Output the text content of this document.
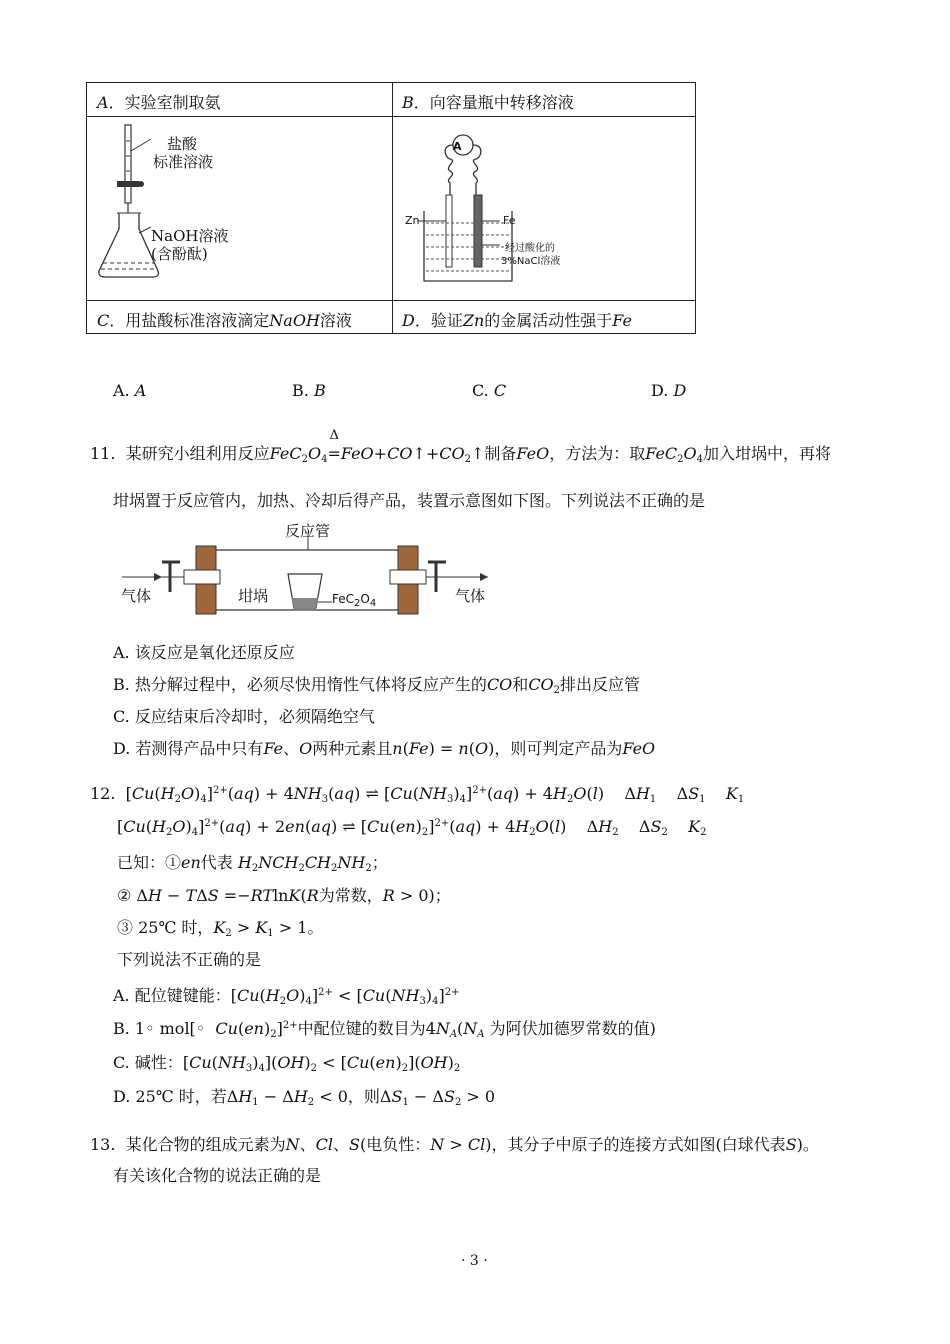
A．实验室制取氨	B．向容量瓶中转移溶液
C．用盐酸标准溶液滴定NaOH溶液	D．验证Zn的金属活动性强于Fe
盐酸
标准溶液
NaOH溶液
(含酚酞)
A
Zn	Fe
经过酸化的
3%NaCl溶液
A. A	B. B	C. C	D. D
11. 某研究小组利用反应$FeC_2O_4$
Δ
$=FeO+CO↑+CO_2↑$制备FeO，方法为：取$FeC_2O_4$加入坩埚中，再将
坩埚置于反应管内，加热、冷却后得产品，装置示意图如下图。下列说法不正确的是
反应管
气体	气体
坩埚	$FeC_2O_4$
A. 该反应是氧化还原反应
B. 热分解过程中，必须尽快用惰性气体将反应产生的CO和$CO_2$排出反应管
C. 反应结束后冷却时，必须隔绝空气
D. 若测得产品中只有Fe、O两种元素且n(Fe) = n(O)，则可判定产品为FeO
12.  $[Cu(H_2O)_4]^{2+}(aq) + 4NH_3(aq)$ ⇌ $[Cu(NH_3)_4]^{2+}(aq) + 4H_2O(l)$    $\Delta H_1$    $\Delta S_1$ $K_1$
$[Cu(H_2O)_4]^{2+}(aq) + 2en(aq)$ ⇌ $[Cu(en)_2]^{2+}(aq) + 4H_2O(l)$    $\Delta H_2$    $\Delta S_2$ $K_2$
已知：①en代表 $H_2NCH_2CH_2NH_2$；
② ΔH − TΔS =−RTlnK(R为常数，R > 0)；
③ 25℃ 时，$K_2 > K_1 > 1$。
下列说法不正确的是
A. 配位键键能：$[Cu(H_2O)_4]^{2+} < [Cu(NH_3)_4]^{2+}$
B. 1◦ mol[◦ $Cu(en)_2]^{2+}$中配位键的数目为$4N_A(N_A$ 为阿伏加德罗常数的值)
C. 碱性：$[Cu(NH_3)_4](OH)_2 < [Cu(en)_2](OH)_2$
D. 25℃ 时，若$\Delta H_1 - \Delta H_2 < 0$，则$\Delta S_1 - \Delta S_2 > 0$
13. 某化合物的组成元素为N、Cl、S(电负性：N > Cl)，其分子中原子的连接方式如图(白球代表S)。
有关该化合物的说法正确的是
· 3 ·
